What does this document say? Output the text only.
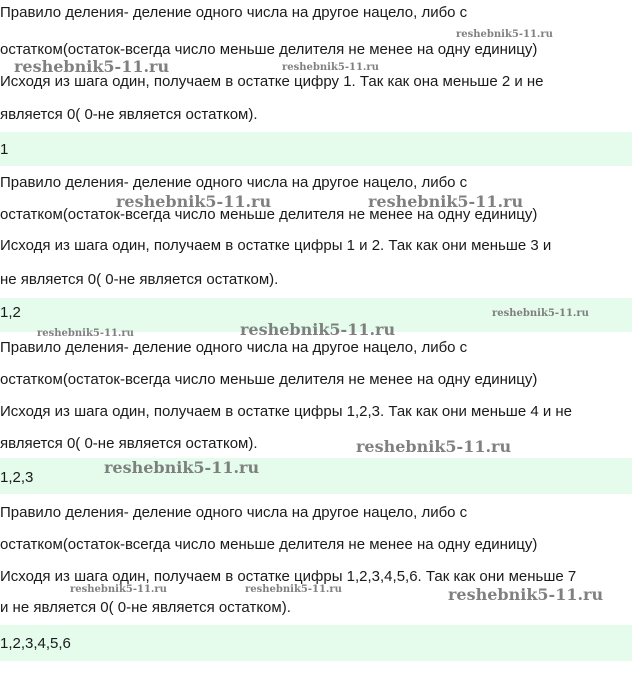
Правило деления- деление одного числа на другое нацело, либо с
остатком(остаток-всегда число меньше делителя не менее на одну единицу)
Исходя из шага один, получаем в остатке цифру 1. Так как она меньше 2 и не
является 0( 0-не является остатком).
1
Правило деления- деление одного числа на другое нацело, либо с
остатком(остаток-всегда число меньше делителя не менее на одну единицу)
Исходя из шага один, получаем в остатке цифры 1 и 2. Так как они меньше 3 и
не является 0( 0-не является остатком).
1,2
Правило деления- деление одного числа на другое нацело, либо с
остатком(остаток-всегда число меньше делителя не менее на одну единицу)
Исходя из шага один, получаем в остатке цифры 1,2,3. Так как они меньше 4 и не
является 0( 0-не является остатком).
1,2,3
Правило деления- деление одного числа на другое нацело, либо с
остатком(остаток-всегда число меньше делителя не менее на одну единицу)
Исходя из шага один, получаем в остатке цифры 1,2,3,4,5,6. Так как они меньше 7
и не является 0( 0-не является остатком).
1,2,3,4,5,6
reshebnik5-11.ru
reshebnik5-11.ru	reshebnik5-11.ru
reshebnik5-11.ru	reshebnik5-11.ru
reshebnik5-11.ru
reshebnik5-11.ru	reshebnik5-11.ru
reshebnik5-11.ru
reshebnik5-11.ru
reshebnik5-11.ru	reshebnik5-11.ru	reshebnik5-11.ru
